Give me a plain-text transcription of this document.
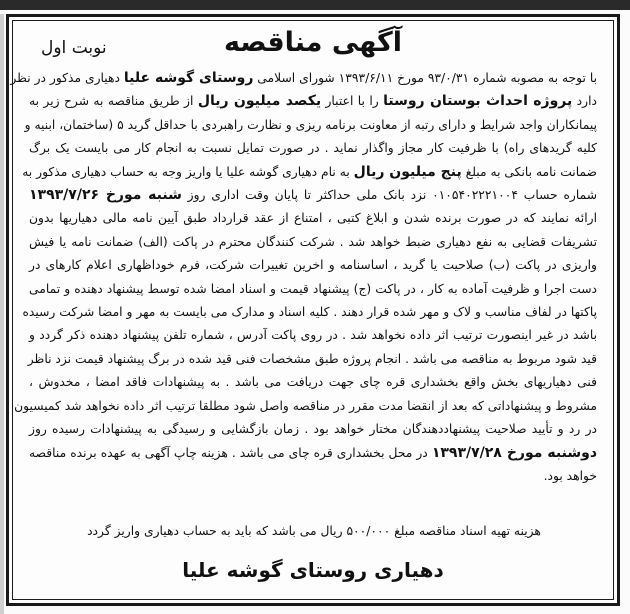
آگهی مناقصه
نوبت اول
با توجه به مصوبه شماره ۹۳/۰/۳۱ مورخ ۱۳۹۳/۶/۱۱ شورای اسلامی روستای گوشه علیا دهیاری مذکور در نظر
دارد پروژه احداث بوستان روستا را با اعتبار یکصد میلیون ریال از طریق مناقصه به شرح زیر به
پیمانکاران واجد شرایط و دارای رتبه از معاونت برنامه ریزی و نظارت راهبردی با حداقل گرید ۵ (ساختمان، ابنیه و
کلیه گریدهای راه) با ظرفیت کار مجاز واگذار نماید . در صورت تمایل نسبت به انجام کار می بایست یک برگ
ضمانت نامه بانکی به مبلغ پنج میلیون ریال به نام دهیاری گوشه علیا یا واریز وجه به حساب دهیاری مذکور به
شماره حساب ۰۱۰۵۴۰۲۲۲۱۰۰۴ نزد بانک ملی حداکثر تا پایان وقت اداری روز شنبه مورخ ۱۳۹۳/۷/۲۶
ارائه نمایند که در صورت برنده شدن و ابلاغ کتبی ، امتناع از عقد قرارداد طبق آیین نامه مالی دهیاریها بدون
تشریفات قضایی به نفع دهیاری ضبط خواهد شد . شرکت کنندگان محترم در پاکت (الف) ضمانت نامه یا فیش
واریزی در پاکت (ب) صلاحیت یا گرید ، اساسنامه و اخرین تغییرات شرکت، فرم خوداظهاری اعلام کارهای در
دست اجرا و ظرفیت آماده به کار ، در پاکت (ج) پیشنهاد قیمت و اسناد امضا شده توسط پیشنهاد دهنده و تمامی
پاکتها در لفاف مناسب و لاک و مهر شده قرار دهند . کلیه اسناد و مدارک می بایست به مهر و امضا شرکت رسیده
باشد در غیر اینصورت ترتیب اثر داده نخواهد شد . در روی پاکت آدرس ، شماره تلفن پیشنهاد دهنده ذکر گردد و
قید شود مربوط به مناقصه می باشد . انجام پروژه طبق مشخصات فنی قید شده در برگ پیشنهاد قیمت نزد ناظر
فنی دهیاریهای بخش واقع بخشداری قره چای جهت دریافت می باشد . به پیشنهادات فاقد امضا ، مخدوش ،
مشروط و پیشنهاداتی که بعد از انقضا مدت مقرر در مناقصه واصل شود مطلقا ترتیب اثر داده نخواهد شد کمیسیون
در رد و تأیید صلاحیت پیشنهاددهندگان مختار خواهد بود . زمان بازگشایی و رسیدگی به پیشنهادات رسیده روز
دوشنبه مورخ ۱۳۹۳/۷/۲۸ در محل بخشداری قره چای می باشد . هزینه چاپ آگهی به عهده برنده مناقصه
خواهد بود.
هزینه تهیه اسناد مناقصه مبلغ ۵۰۰/۰۰۰ ریال می باشد که باید به حساب دهیاری واریز گردد
دهیاری روستای گوشه علیا
